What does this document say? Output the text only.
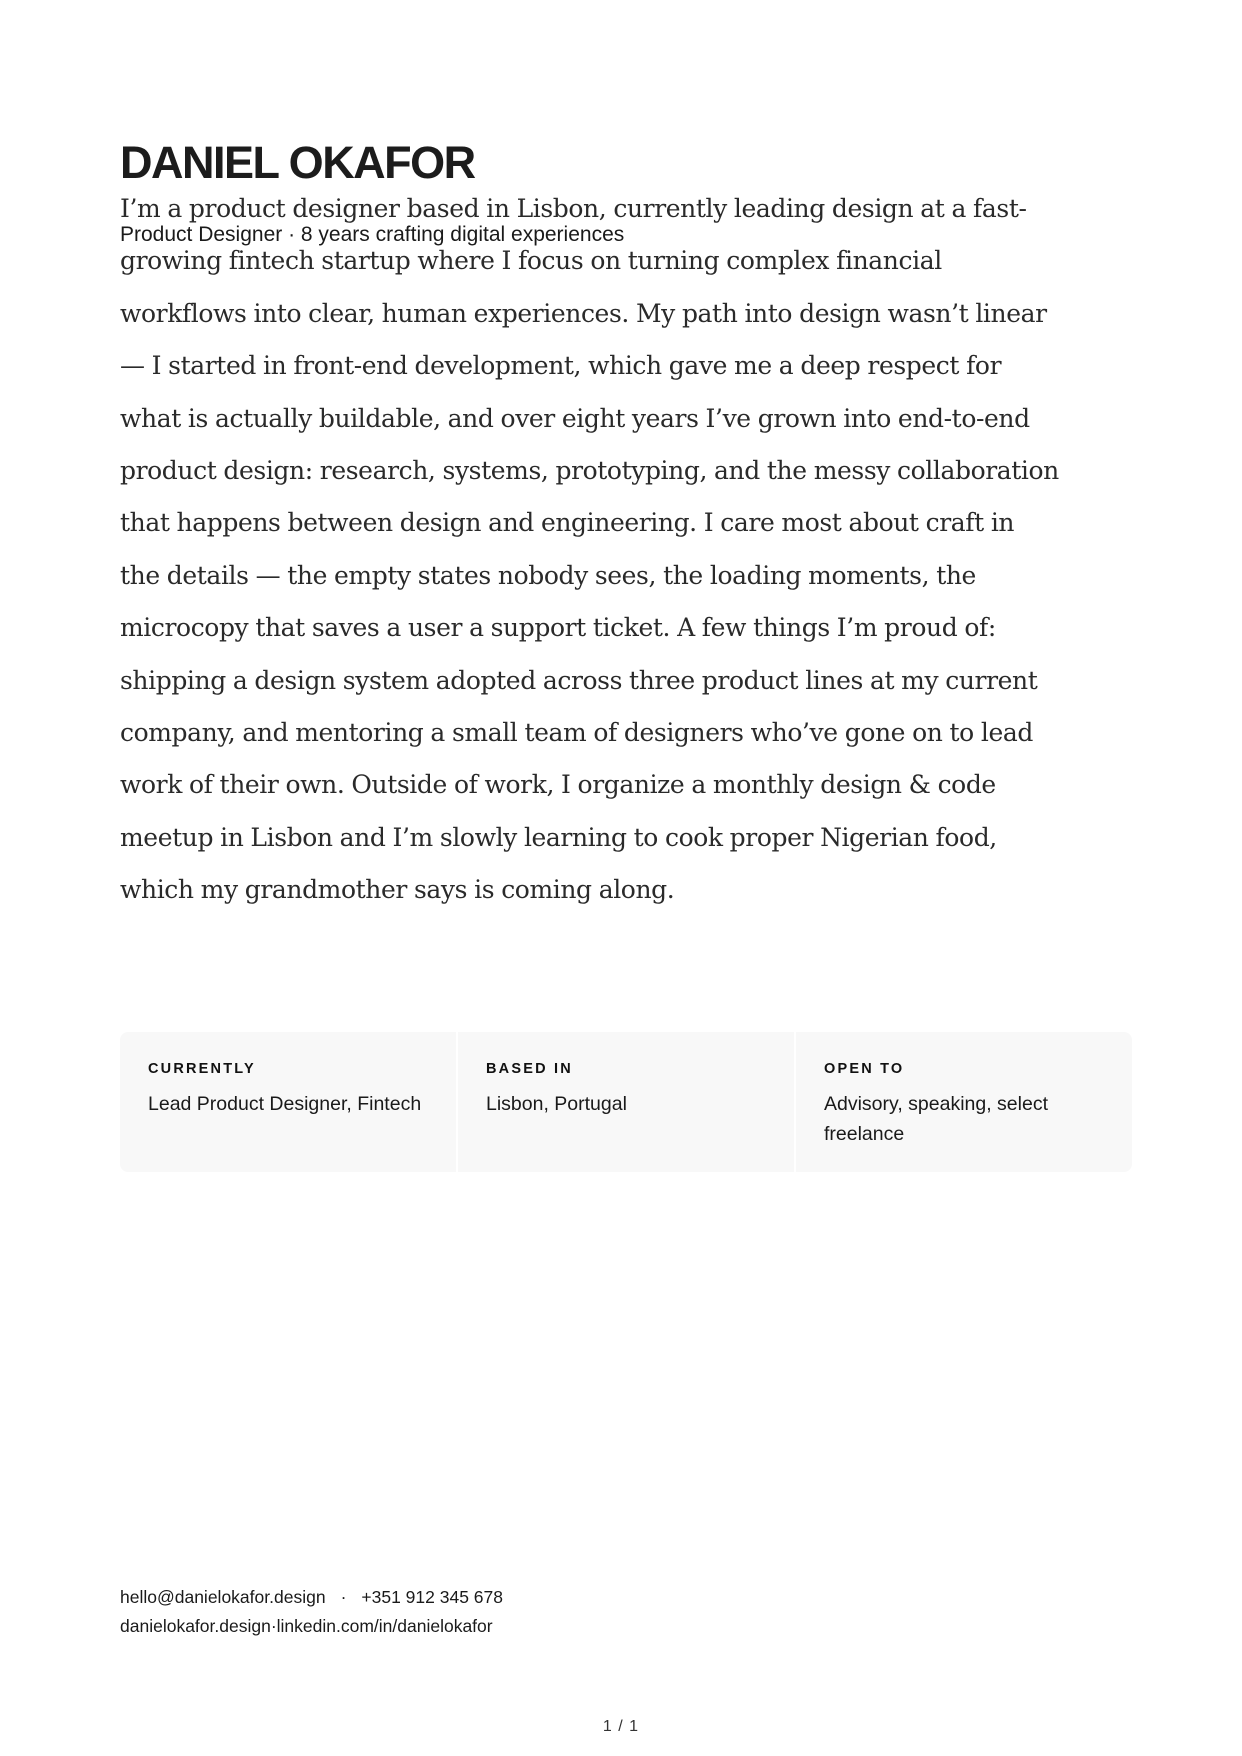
DANIEL OKAFOR

I’m a product designer based in Lisbon, currently leading design at a fast-growing fintech startup where I focus on turning complex financial workflows into clear, human experiences. My path into design wasn’t linear — I started in front-end development, which gave me a deep respect for what is actually buildable, and over eight years I’ve grown into end-to-end product design: research, systems, prototyping, and the messy collaboration that happens between design and engineering. I care most about craft in the details — the empty states nobody sees, the loading moments, the microcopy that saves a user a support ticket. A few things I’m proud of: shipping a design system adopted across three product lines at my current company, and mentoring a small team of designers who’ve gone on to lead work of their own. Outside of work, I organize a monthly design & code meetup in Lisbon and I’m slowly learning to cook proper Nigerian food, which my grandmother says is coming along.

Product Designer · 8 years crafting digital experiences
CURRENTLY
Lead Product Designer, Fintech
BASED IN
Lisbon, Portugal
OPEN TO
Advisory, speaking, select freelance
hello@danielokafor.design · +351 912 345 678
danielokafor.design·linkedin.com/in/danielokafor
1 / 1
